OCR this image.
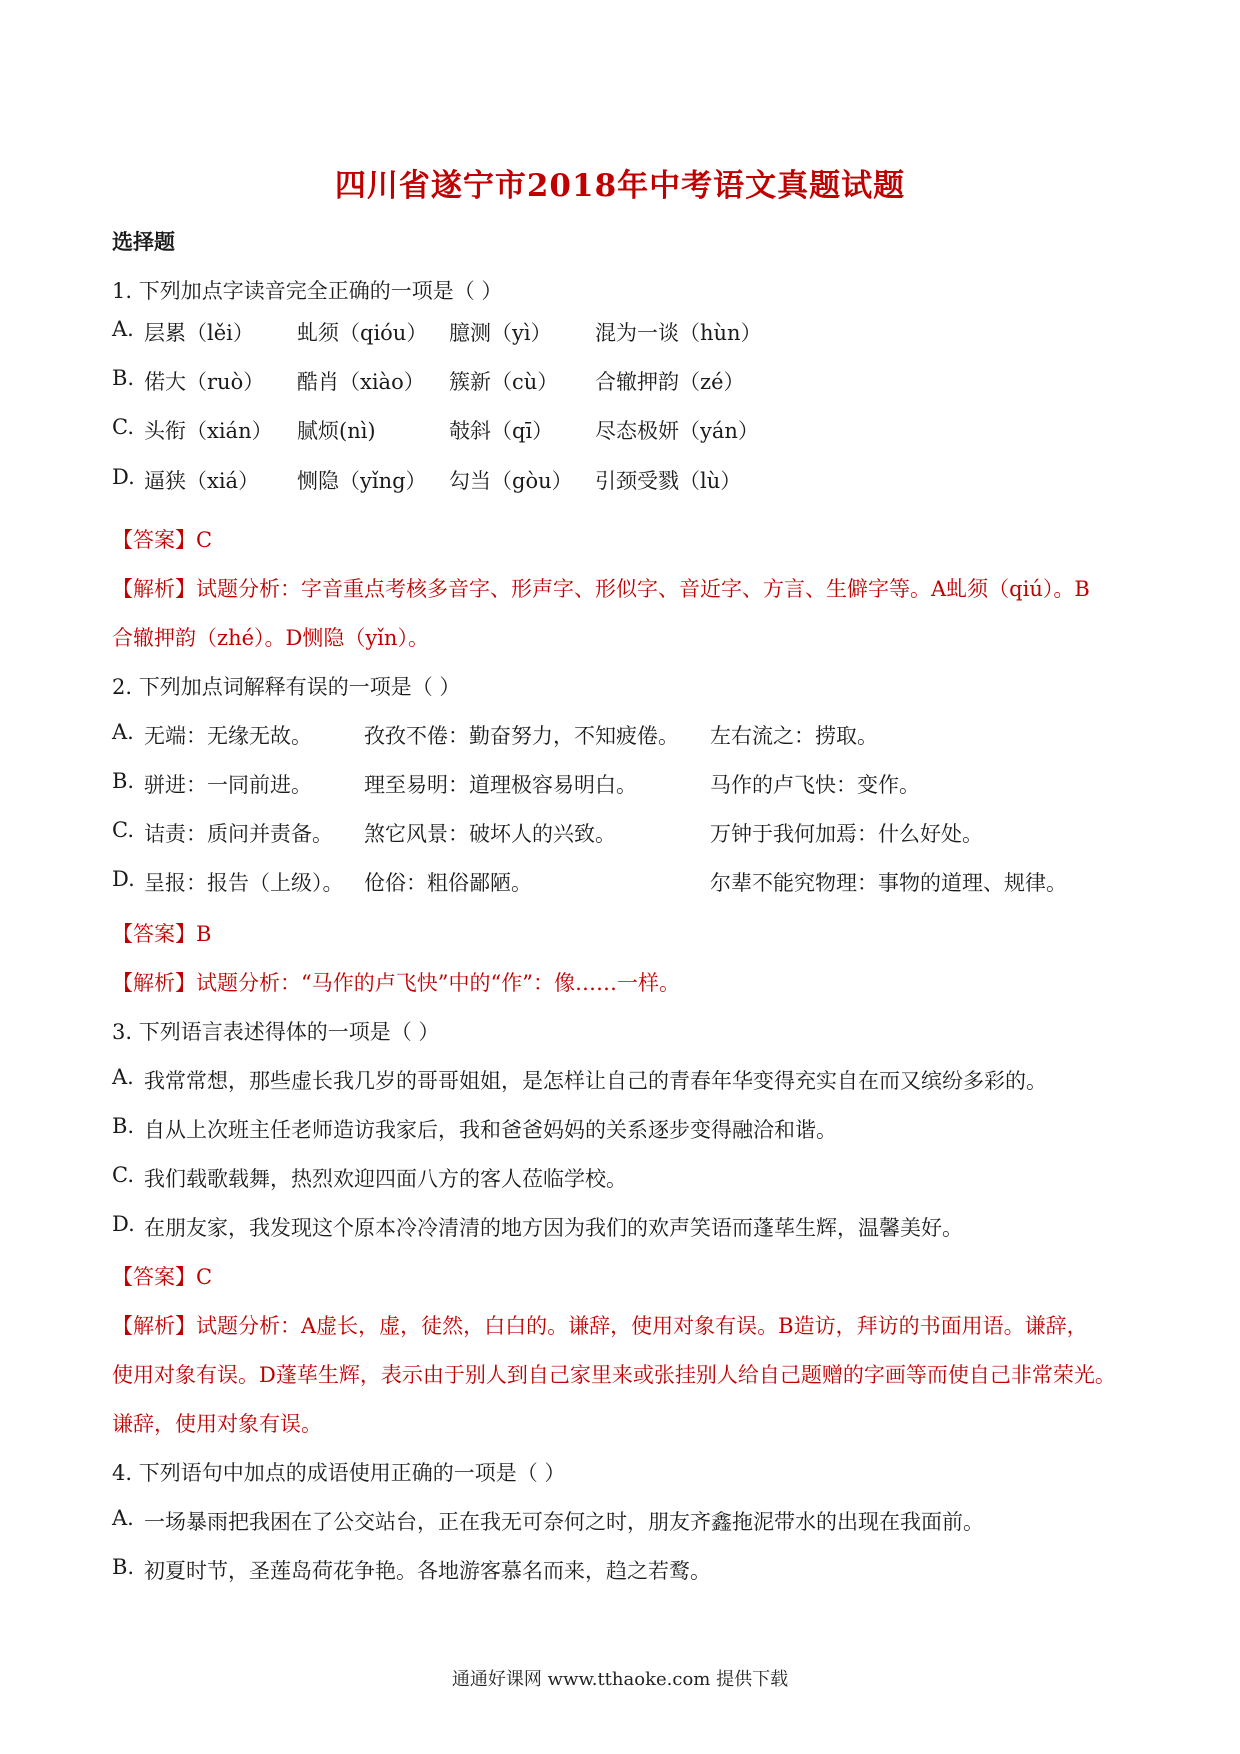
四川省遂宁市2018年中考语文真题试题
选择题
1. 下列加点字读音完全正确的一项是（ ）
A. 层累（lěi） 虬须（qióu） 臆测（yì） 混为一谈（hùn）
B. 偌大（ruò） 酷肖（xiào） 簇新（cù） 合辙押韵（zé）
C. 头衔（xián） 腻烦(nì)	攲斜（qī） 尽态极妍（yán）
D. 逼狭（xiá） 恻隐（yǐng） 勾当（gòu） 引颈受戮（lù）
【答案】C
【解析】试题分析：字音重点考核多音字、形声字、形似字、音近字、方言、生僻字等。A虬须（qiú）。B
合辙押韵（zhé）。D恻隐（yǐn）。
2. 下列加点词解释有误的一项是（ ）
A. 无端：无缘无故。 孜孜不倦：勤奋努力，不知疲倦。 左右流之：捞取。
B. 骈进：一同前进。 理至易明：道理极容易明白。	马作的卢飞快：变作。
C. 诘责：质问并责备。 煞它风景：破坏人的兴致。	万钟于我何加焉：什么好处。
D. 呈报：报告（上级）。 伧俗：粗俗鄙陋。	尔辈不能究物理：事物的道理、规律。
【答案】B
【解析】试题分析：“马作的卢飞快”中的“作”：像……一样。
3. 下列语言表述得体的一项是（ ）
A. 我常常想，那些虚长我几岁的哥哥姐姐，是怎样让自己的青春年华变得充实自在而又缤纷多彩的。
B. 自从上次班主任老师造访我家后，我和爸爸妈妈的关系逐步变得融洽和谐。
C. 我们载歌载舞，热烈欢迎四面八方的客人莅临学校。
D. 在朋友家，我发现这个原本冷冷清清的地方因为我们的欢声笑语而蓬荜生辉，温馨美好。
【答案】C
【解析】试题分析：A虚长，虚，徒然，白白的。谦辞，使用对象有误。B造访，拜访的书面用语。谦辞，
使用对象有误。D蓬荜生辉，表示由于别人到自己家里来或张挂别人给自己题赠的字画等而使自己非常荣光。
谦辞，使用对象有误。
4. 下列语句中加点的成语使用正确的一项是（ ）
A. 一场暴雨把我困在了公交站台，正在我无可奈何之时，朋友齐鑫拖泥带水的出现在我面前。
B. 初夏时节，圣莲岛荷花争艳。各地游客慕名而来，趋之若鹜。
通通好课网 www.tthaoke.com 提供下载
